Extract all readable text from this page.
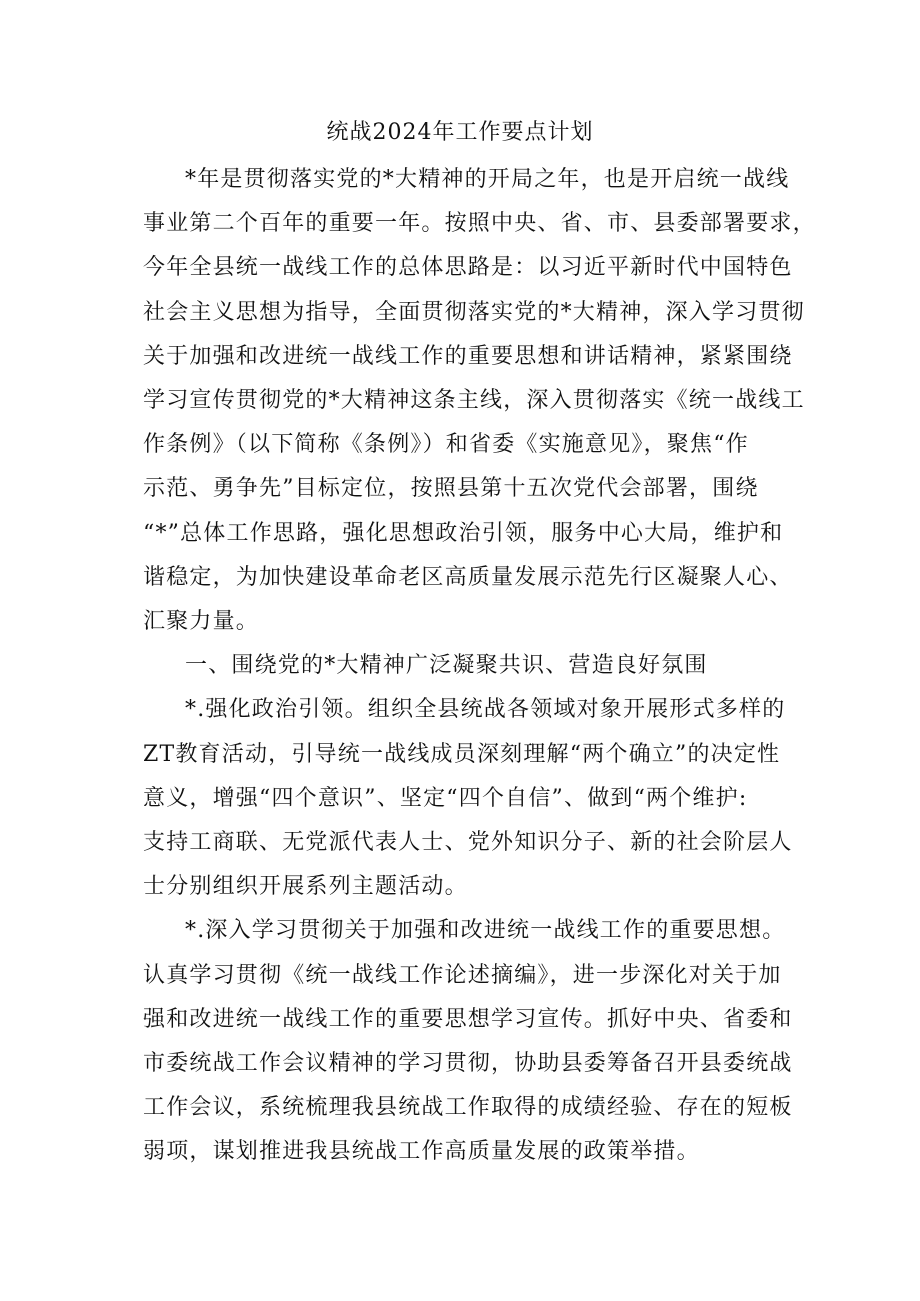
统战2024年工作要点计划

*年是贯彻落实党的*大精神的开局之年，也是开启统一战线
事业第二个百年的重要一年。按照中央、省、市、县委部署要求，
今年全县统一战线工作的总体思路是：以习近平新时代中国特色
社会主义思想为指导，全面贯彻落实党的*大精神，深入学习贯彻
关于加强和改进统一战线工作的重要思想和讲话精神，紧紧围绕
学习宣传贯彻党的*大精神这条主线，深入贯彻落实《统一战线工
作条例》（以下简称《条例》）和省委《实施意见》，聚焦“作
示范、勇争先”目标定位，按照县第十五次党代会部署，围绕
“*”总体工作思路，强化思想政治引领，服务中心大局，维护和
谐稳定，为加快建设革命老区高质量发展示范先行区凝聚人心、
汇聚力量。

一、围绕党的*大精神广泛凝聚共识、营造良好氛围

*.强化政治引领。组织全县统战各领域对象开展形式多样的
ZT教育活动，引导统一战线成员深刻理解“两个确立”的决定性
意义，增强“四个意识”、坚定“四个自信”、做到“两个维护:
支持工商联、无党派代表人士、党外知识分子、新的社会阶层人
士分别组织开展系列主题活动。

*.深入学习贯彻关于加强和改进统一战线工作的重要思想。
认真学习贯彻《统一战线工作论述摘编》，进一步深化对关于加
强和改进统一战线工作的重要思想学习宣传。抓好中央、省委和
市委统战工作会议精神的学习贯彻，协助县委筹备召开县委统战
工作会议，系统梳理我县统战工作取得的成绩经验、存在的短板
弱项，谋划推进我县统战工作高质量发展的政策举措。
